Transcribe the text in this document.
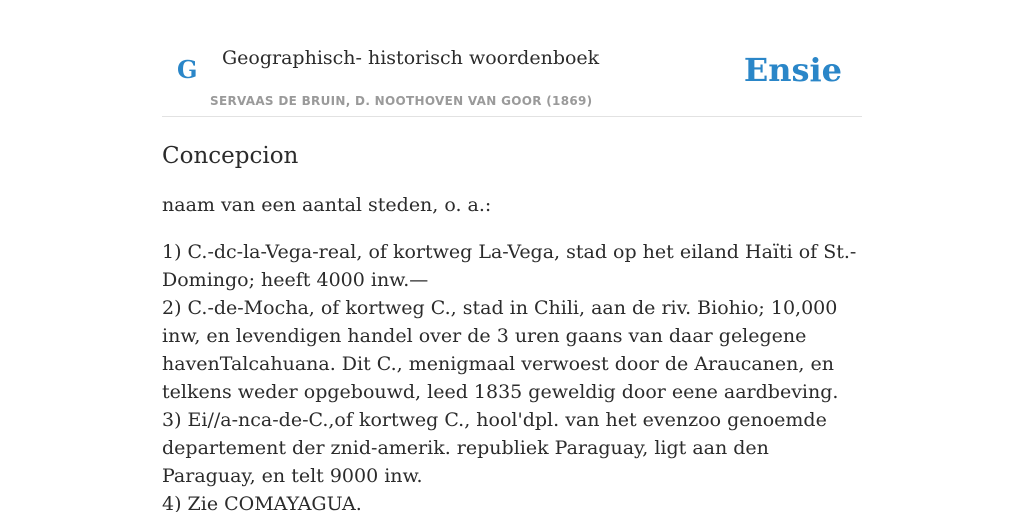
G Geographisch- historisch woordenboek
SERVAAS DE BRUIN, D. NOOTHOVEN VAN GOOR (1869)
Ensie
Concepcion

naam van een aantal steden, o. a.:

1) C.-dc-la-Vega-real, of kortweg La-Vega, stad op het eiland Haïti of St.-Domingo; heeft 4000 inw.—
2) C.-de-Mocha, of kortweg C., stad in Chili, aan de riv. Biohio; 10,000 inw, en levendigen handel over de 3 uren gaans van daar gelegene havenTalcahuana. Dit C., menigmaal verwoest door de Araucanen, en telkens weder opgebouwd, leed 1835 geweldig door eene aardbeving.
3) Ei//a-nca-de-C.,of kortweg C., hool'dpl. van het evenzoo genoemde departement der znid-amerik. republiek Paraguay, ligt aan den Paraguay, en telt 9000 inw.
4) Zie COMAYAGUA.
